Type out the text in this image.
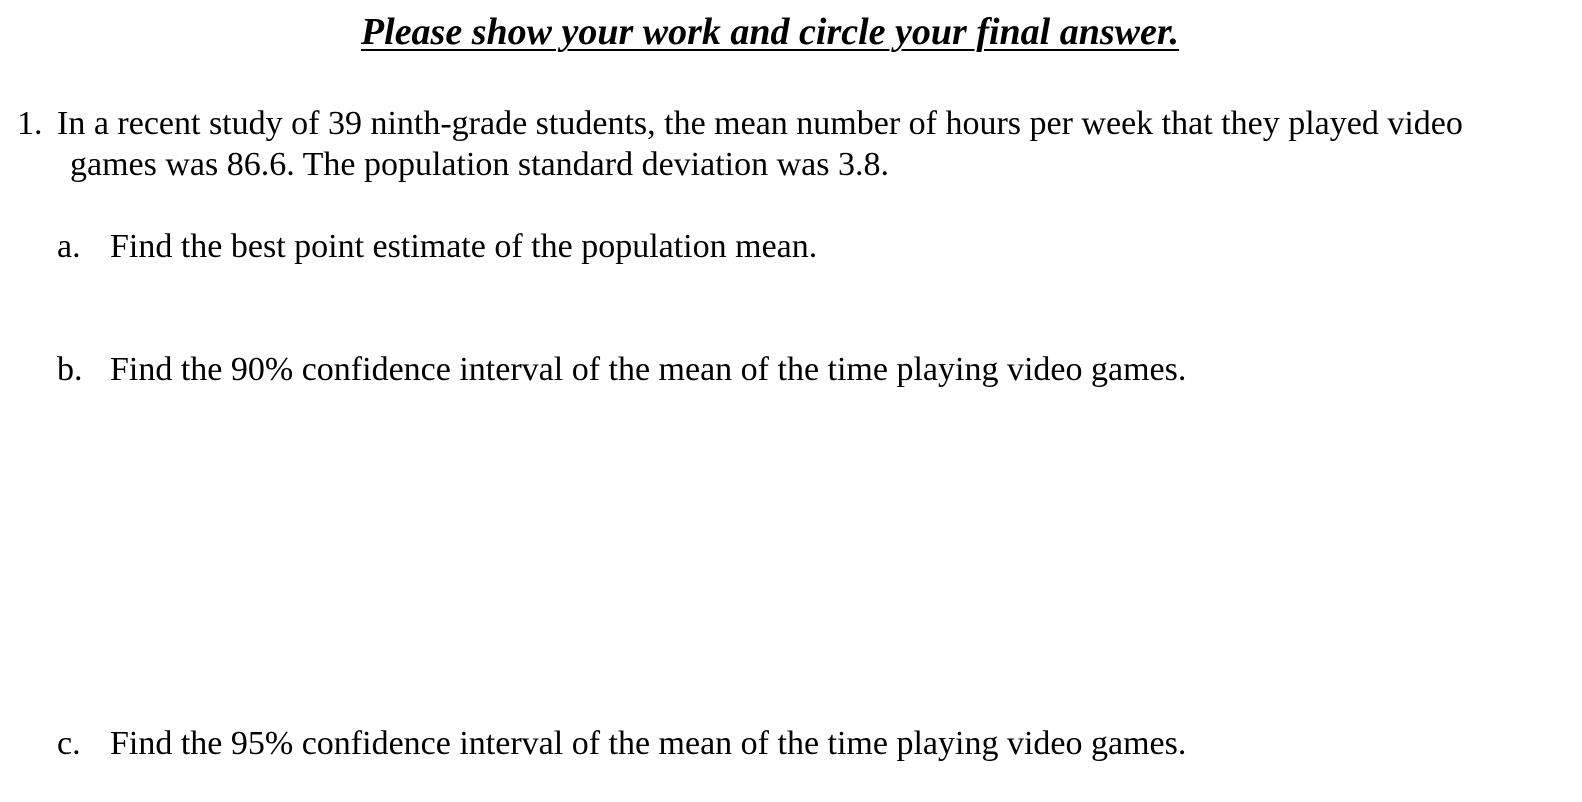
Please show your work and circle your final answer.
1. In a recent study of 39 ninth-grade students, the mean number of hours per week that they played video
games was 86.6. The population standard deviation was 3.8.
a. Find the best point estimate of the population mean.
b. Find the 90% confidence interval of the mean of the time playing video games.
c. Find the 95% confidence interval of the mean of the time playing video games.
